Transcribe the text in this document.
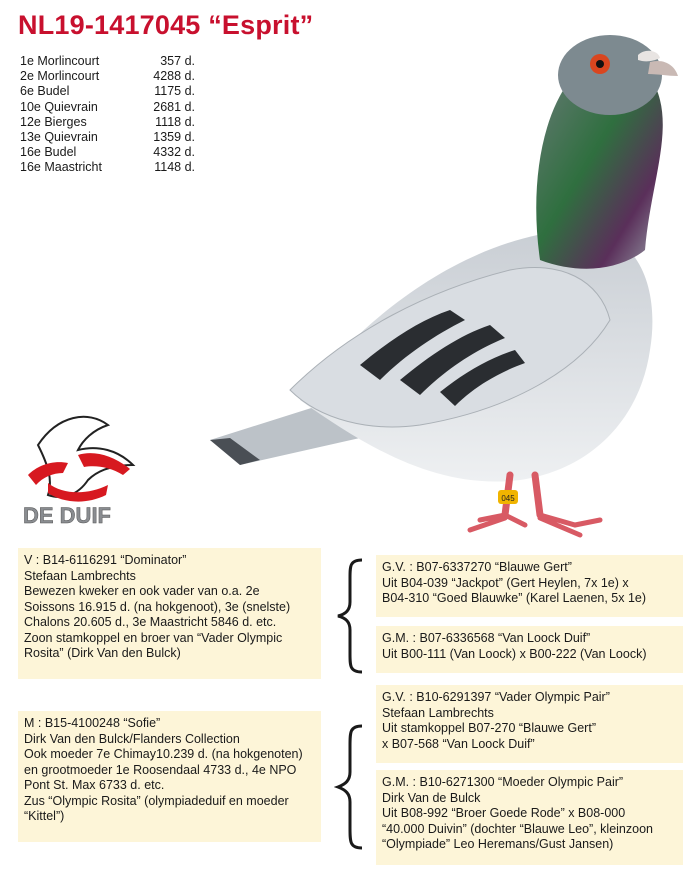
NL19-1417045 “Esprit”
1e Morlincourt	357 d.
2e Morlincourt	4288 d.
6e Budel	1175 d.
10e Quievrain	2681 d.
12e Bierges	1118 d.
13e Quievrain	1359 d.
16e Budel	4332 d.
16e Maastricht	1148 d.
045
DE DUIF
V : B14-6116291 “Dominator”
Stefaan Lambrechts
Bewezen kweker en ook vader van o.a. 2e
Soissons 16.915 d. (na hokgenoot), 3e (snelste)
Chalons 20.605 d., 3e Maastricht 5846 d. etc.
Zoon stamkoppel en broer van “Vader Olympic
Rosita” (Dirk Van den Bulck)
G.V. : B07-6337270 “Blauwe Gert”
Uit B04-039 “Jackpot” (Gert Heylen, 7x 1e) x
B04-310 “Goed Blauwke” (Karel Laenen, 5x 1e)
G.M. : B07-6336568 “Van Loock Duif”
Uit B00-111 (Van Loock) x B00-222 (Van Loock)
M : B15-4100248 “Sofie”
Dirk Van den Bulck/Flanders Collection
Ook moeder 7e Chimay10.239 d. (na hokgenoten)
en grootmoeder 1e Roosendaal 4733 d., 4e NPO
Pont St. Max 6733 d. etc.
Zus “Olympic Rosita” (olympiadeduif en moeder
“Kittel”)
G.V. : B10-6291397 “Vader Olympic Pair”
Stefaan Lambrechts
Uit stamkoppel B07-270 “Blauwe Gert”
x B07-568 “Van Loock Duif”
G.M. : B10-6271300 “Moeder Olympic Pair”
Dirk Van de Bulck
Uit B08-992 “Broer Goede Rode” x B08-000
“40.000 Duivin” (dochter “Blauwe Leo”, kleinzoon
“Olympiade” Leo Heremans/Gust Jansen)
